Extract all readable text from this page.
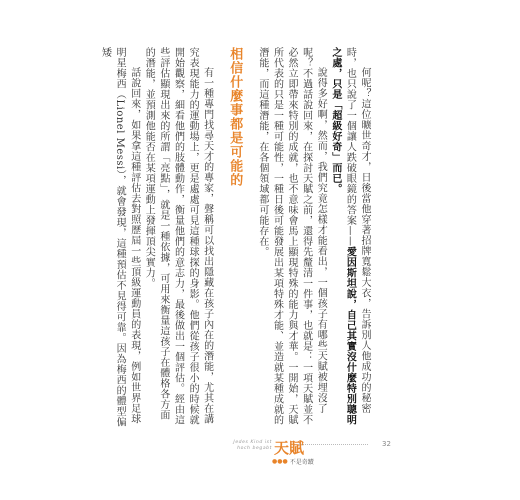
何呢？這位曠世奇才，日後當他穿著招牌寬鬆大衣，告訴別人他成功的秘密時，也只說了一個讓人跌破眼鏡的答案——愛因斯坦說，自己其實沒什麼特別聰明之處，只是「超級好奇」而已。

說得多好啊，然而，我們究竟怎樣才能看出，一個孩子有哪些天賦被埋沒了呢？不過話說回來，在探討天賦之前，還得先釐清一件事，也就是：一項天賦並不必然立即帶來特別的成就，也不意味會馬上顯現特殊的能力與才華。一開始，天賦所代表的只是一種可能性，一種日後可能發展出某項特殊才能、並造就某種成就的潛能，而這種潛能，在各個領域都可能存在。

相信什麼事都是可能的

有一種專門找尋天才的專家，聲稱可以找出隱藏在孩子內在的潛能，尤其在講究表現能力的運動場上，更是處處可見這種球探的身影。他們從孩子很小的時候就開始觀察，細看他們的肢體動作，衡量他們的意志力，最後做出一個評估。經由這些評估顯現出來的所謂「亮點」，就是一種依據，可用來衡量這孩子在體格各方面的潛能，並預測他能否在某項運動上發揮頂尖實力。

話說回來，如果拿這種評估去對照歷屆一些頂級運動員的表現，例如世界足球明星梅西（Lionel Messi），就會發現，這種預估不見得可靠。因為梅西的體型偏矮

Jedes Kind ist hoch begabt 天賦
●●● 不是奇蹟
32
